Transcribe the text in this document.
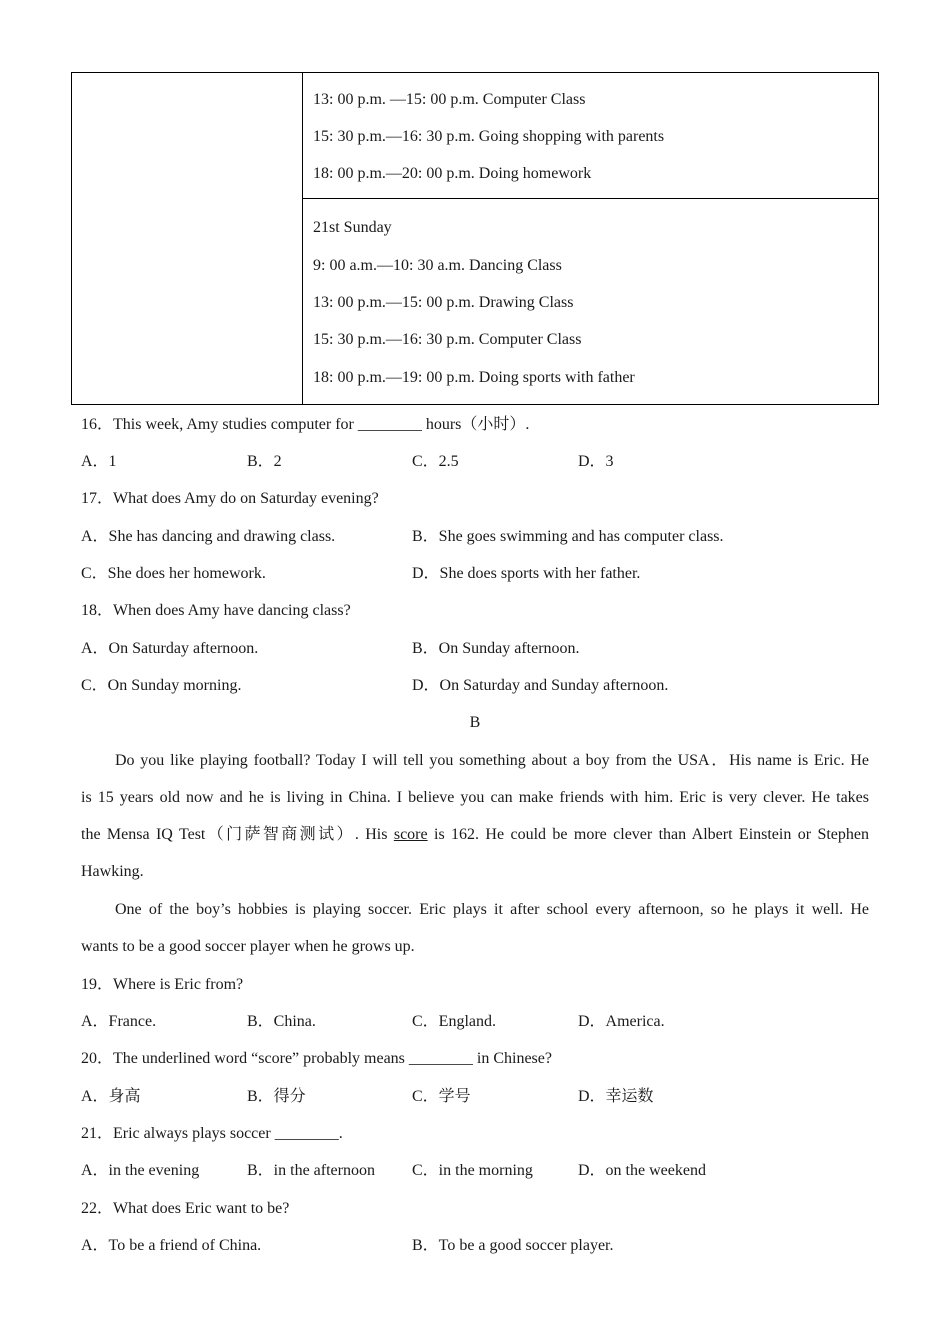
13: 00 p.m. —15: 00 p.m. Computer Class
15: 30 p.m.—16: 30 p.m. Going shopping with parents
18: 00 p.m.—20: 00 p.m. Doing homework
21st Sunday
9: 00 a.m.—10: 30 a.m. Dancing Class
13: 00 p.m.—15: 00 p.m. Drawing Class
15: 30 p.m.—16: 30 p.m. Computer Class
18: 00 p.m.—19: 00 p.m. Doing sports with father
16．This week, Amy studies computer for ________ hours（小时）.
A．1	B．2	C．2.5	D．3
17．What does Amy do on Saturday evening?
A．She has dancing and drawing class.	B．She goes swimming and has computer class.
C．She does her homework.	D．She does sports with her father.
18．When does Amy have dancing class?
A．On Saturday afternoon.	B．On Sunday afternoon.
C．On Sunday morning.	D．On Saturday and Sunday afternoon.
B
Do you like playing football? Today I will tell you something about a boy from the USA．His name is Eric. He
is 15 years old now and he is living in China. I believe you can make friends with him. Eric is very clever. He takes
the Mensa IQ Test（门萨智商测试）. His score is 162. He could be more clever than Albert Einstein or Stephen
Hawking.
One of the boy’s hobbies is playing soccer. Eric plays it after school every afternoon, so he plays it well. He
wants to be a good soccer player when he grows up.
19．Where is Eric from?
A．France.	B．China.	C．England.	D．America.
20．The underlined word “score” probably means ________ in Chinese?
A．身高	B．得分	C．学号	D．幸运数
21．Eric always plays soccer ________.
A．in the evening	B．in the afternoon C．in the morning	D．on the weekend
22．What does Eric want to be?
A．To be a friend of China.	B．To be a good soccer player.
